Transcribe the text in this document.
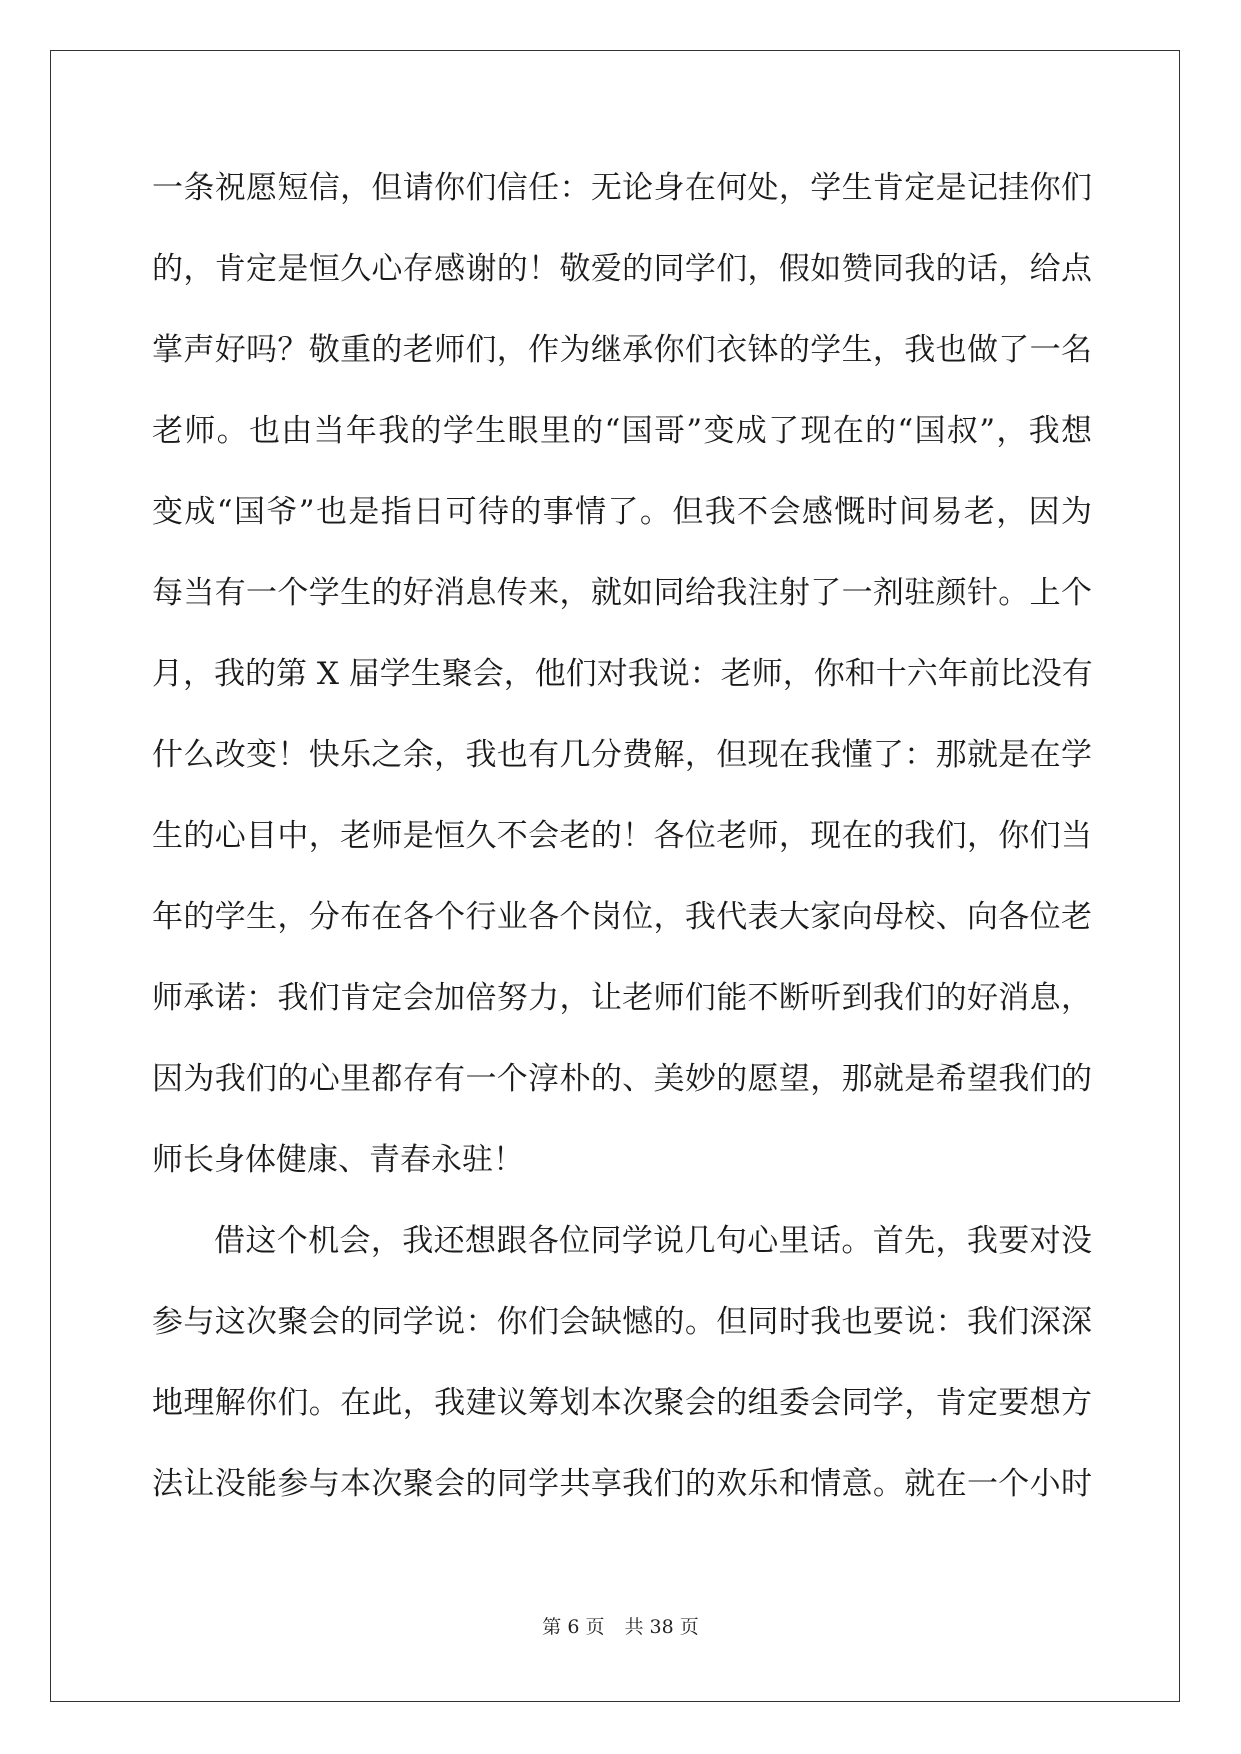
一条祝愿短信，但请你们信任：无论身在何处，学生肯定是记挂你们
的，肯定是恒久心存感谢的！敬爱的同学们，假如赞同我的话，给点
掌声好吗？敬重的老师们，作为继承你们衣钵的学生，我也做了一名
老师。也由当年我的学生眼里的“国哥”变成了现在的“国叔”，我想
变成“国爷”也是指日可待的事情了。但我不会感慨时间易老，因为
每当有一个学生的好消息传来，就如同给我注射了一剂驻颜针。上个
月，我的第 X 届学生聚会，他们对我说：老师，你和十六年前比没有
什么改变！快乐之余，我也有几分费解，但现在我懂了：那就是在学
生的心目中，老师是恒久不会老的！各位老师，现在的我们，你们当
年的学生，分布在各个行业各个岗位，我代表大家向母校、向各位老
师承诺：我们肯定会加倍努力，让老师们能不断听到我们的好消息，
因为我们的心里都存有一个淳朴的、美妙的愿望，那就是希望我们的
师长身体健康、青春永驻！
借这个机会，我还想跟各位同学说几句心里话。首先，我要对没
参与这次聚会的同学说：你们会缺憾的。但同时我也要说：我们深深
地理解你们。在此，我建议筹划本次聚会的组委会同学，肯定要想方
法让没能参与本次聚会的同学共享我们的欢乐和情意。就在一个小时
第 6 页 共 38 页
